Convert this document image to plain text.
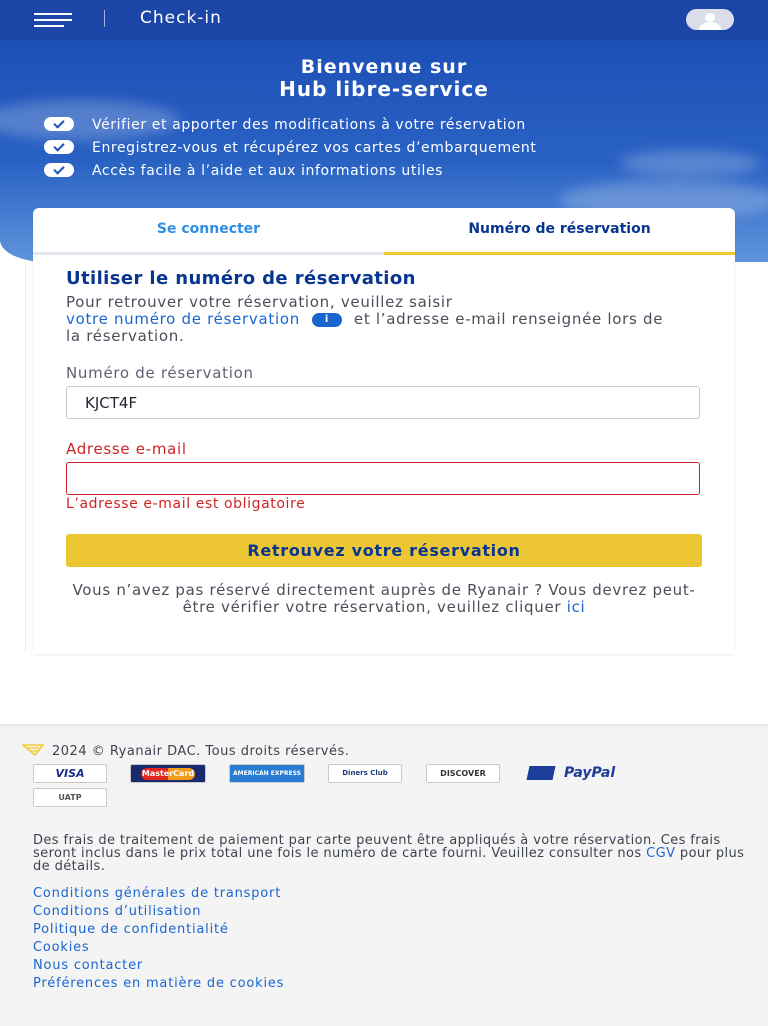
Check-in
Bienvenue sur
Hub libre-service
Vérifier et apporter des modifications à votre réservation
Enregistrez-vous et récupérez vos cartes d’embarquement
Accès facile à l’aide et aux informations utiles
Se connecter	Numéro de réservation
Utiliser le numéro de réservation
Pour retrouver votre réservation, veuillez saisir
votre numéro de réservation i et l’adresse e-mail renseignée lors de la réservation.
Numéro de réservation
KJCT4F
Adresse e-mail
L’adresse e-mail est obligatoire
Retrouvez votre réservation
Vous n’avez pas réservé directement auprès de Ryanair ? Vous devrez peut-être vérifier votre réservation, veuillez cliquer ici
2024 © Ryanair DAC. Tous droits réservés.
VISA	MasterCard	AMERICAN EXPRESS	Diners Club	DISCOVER	PayPal
UATP
Des frais de traitement de paiement par carte peuvent être appliqués à votre réservation. Ces frais seront inclus dans le prix total une fois le numéro de carte fourni. Veuillez consulter nos CGV pour plus de détails.
Conditions générales de transport
Conditions d’utilisation
Politique de confidentialité
Cookies
Nous contacter
Préférences en matière de cookies
